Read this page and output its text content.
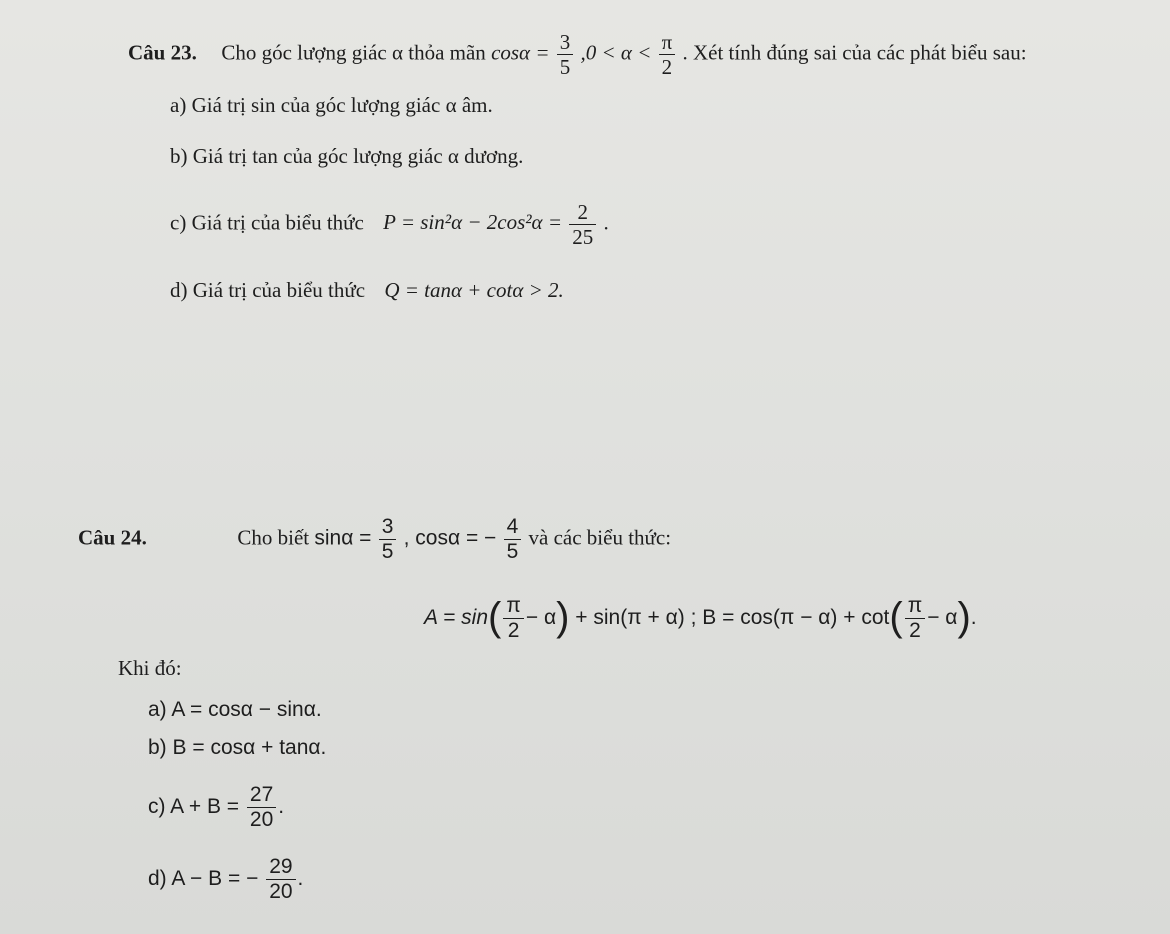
Câu 23. Cho góc lượng giác α thỏa mãn $\cos\alpha = \frac{3}{5} ,0 < \alpha < \frac{\pi}{2}$ . Xét tính đúng sai của các phát biểu sau:
a) Giá trị sin của góc lượng giác α âm.
b) Giá trị tan của góc lượng giác α dương.
c) Giá trị của biểu thức $P = \sin^2\alpha - 2\cos^2\alpha = \frac{2}{25}$ .
d) Giá trị của biểu thức Q = tanα + cotα > 2.
Câu 24.	Cho biết $\sin\alpha = \frac{3}{5}$ , cosα = − $\frac{4}{5}$ và các biểu thức:
$A = \sin( \frac{\pi}{2} - \alpha) + \sin(\pi + \alpha)$ ; $B = \cos(\pi - \alpha) + \cot( \frac{\pi}{2} - \alpha)$.
Khi đó:
a) A = cosα − sinα.
b) B = cosα + tanα.
c) $A + B = \frac{27}{20}$ .
d) A − B = − $\frac{29}{20}$ .
